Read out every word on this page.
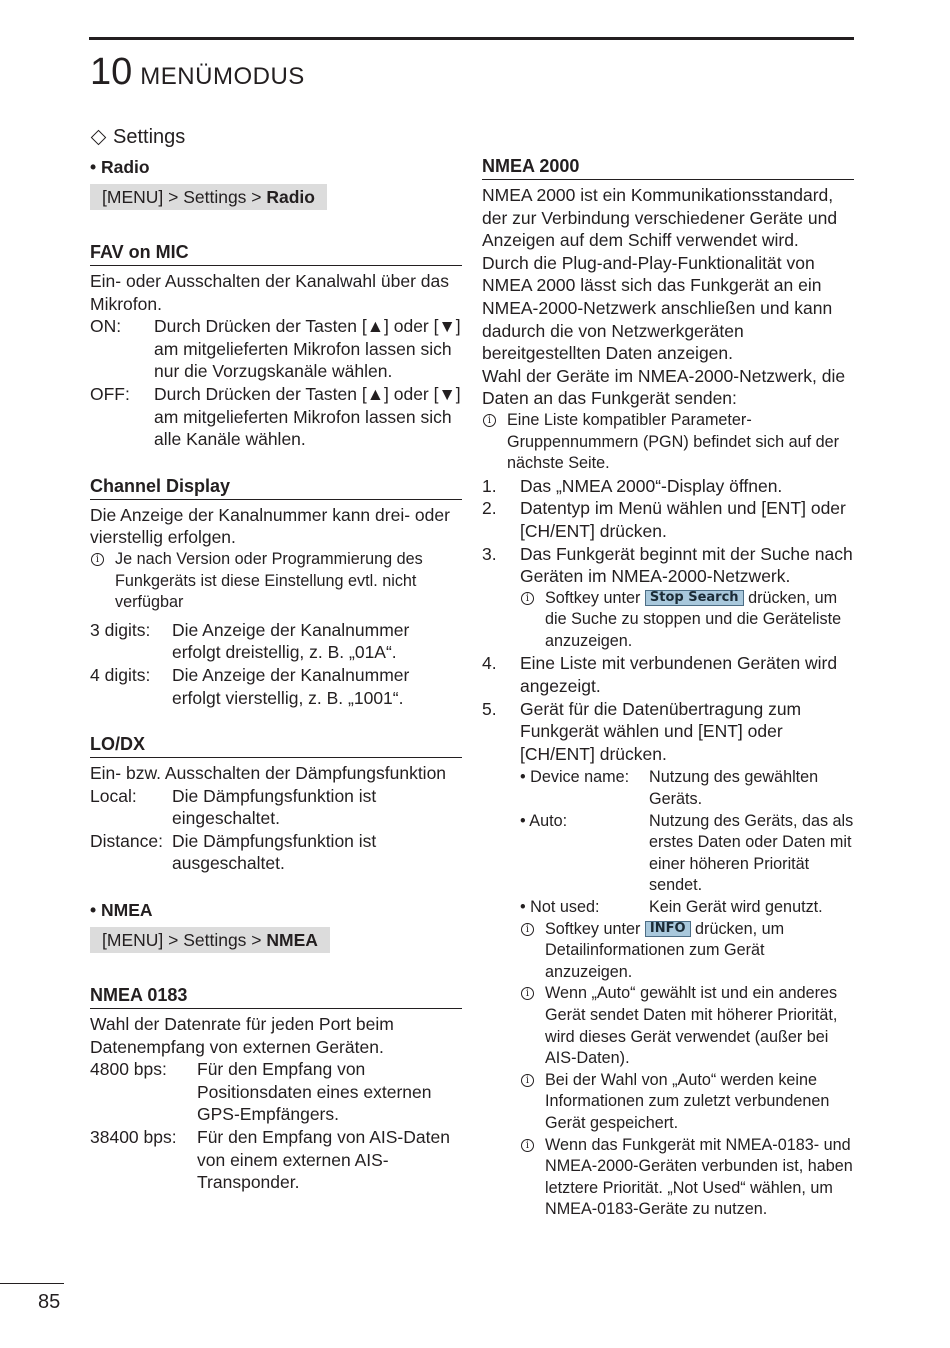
10 MENÜMODUS
Settings
• Radio
[MENU] > Settings > Radio
FAV on MIC

Ein- oder Ausschalten der Kanalwahl über das Mikrofon.

ON:	Durch Drücken der Tasten [▲] oder [▼] am mitgelieferten Mikrofon lassen sich nur die Vorzugskanäle wählen.
OFF:	Durch Drücken der Tasten [▲] oder [▼] am mitgelieferten Mikrofon lassen sich alle Kanäle wählen.
Channel Display

Die Anzeige der Kanalnummer kann drei- oder vierstellig erfolgen.

i Je nach Version oder Programmierung des Funkgeräts ist diese Einstellung evtl. nicht verfügbar
3 digits:	Die Anzeige der Kanalnummer erfolgt dreistellig, z. B. „01A“.
4 digits:	Die Anzeige der Kanalnummer erfolgt vierstellig, z. B. „1001“.
LO/DX

Ein- bzw. Ausschalten der Dämpfungsfunktion

Local:	Die Dämpfungsfunktion ist eingeschaltet.
Distance: Die Dämpfungsfunktion ist ausgeschaltet.
• NMEA
[MENU] > Settings > NMEA
NMEA 0183

Wahl der Datenrate für jeden Port beim Datenempfang von externen Geräten.

4800 bps:	Für den Empfang von Positionsdaten eines externen GPS-Empfängers.
38400 bps:	Für den Empfang von AIS-Daten von einem externen AIS-Transponder.
NMEA 2000

NMEA 2000 ist ein Kommunikationsstandard, der zur Verbindung verschiedener Geräte und Anzeigen auf dem Schiff verwendet wird.

Durch die Plug-and-Play-Funktionalität von NMEA 2000 lässt sich das Funkgerät an ein NMEA-2000-Netzwerk anschließen und kann dadurch die von Netzwerkgeräten bereitgestellten Daten anzeigen.

Wahl der Geräte im NMEA-2000-Netzwerk, die Daten an das Funkgerät senden:

i Eine Liste kompatibler Parameter-Gruppennummern (PGN) befindet sich auf der nächste Seite.
1.	Das „NMEA 2000“-Display öffnen.
2.	Datentyp im Menü wählen und [ENT] oder [CH/ENT] drücken.
3.	Das Funkgerät beginnt mit der Suche nach Geräten im NMEA-2000-Netzwerk.
i Softkey unter Stop Search drücken, um die Suche zu stoppen und die Geräteliste anzuzeigen.
4.	Eine Liste mit verbundenen Geräten wird angezeigt.
5.	Gerät für die Datenübertragung zum Funkgerät wählen und [ENT] oder [CH/ENT] drücken.
• Device name:	Nutzung des gewählten Geräts.
• Auto:	Nutzung des Geräts, das als erstes Daten oder Daten mit einer höheren Priorität sendet.
• Not used:	Kein Gerät wird genutzt.
i Softkey unter INFO drücken, um Detailinformationen zum Gerät anzuzeigen.
i Wenn „Auto“ gewählt ist und ein anderes Gerät sendet Daten mit höherer Priorität, wird dieses Gerät verwendet (außer bei AIS-Daten).
i Bei der Wahl von „Auto“ werden keine Informationen zum zuletzt verbundenen Gerät gespeichert.
i Wenn das Funkgerät mit NMEA-0183- und NMEA-2000-Geräten verbunden ist, haben letztere Priorität. „Not Used“ wählen, um NMEA-0183-Geräte zu nutzen.
85
